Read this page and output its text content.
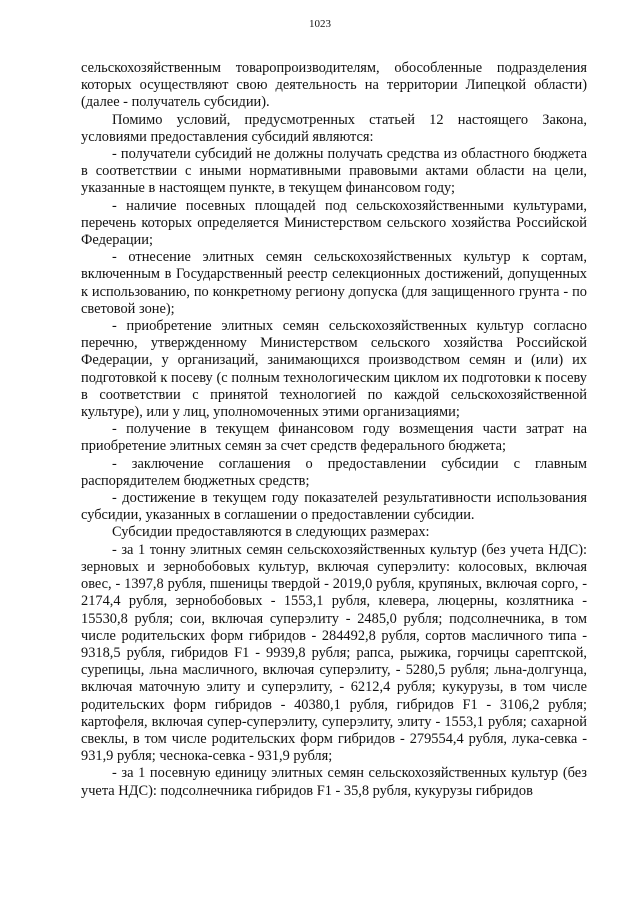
1023

сельскохозяйственным товаропроизводителям, обособленные подразделения которых осуществляют свою деятельность на территории Липецкой области) (далее - получатель субсидии).

Помимо условий, предусмотренных статьей 12 настоящего Закона, условиями предоставления субсидий являются:

- получатели субсидий не должны получать средства из областного бюджета в соответствии с иными нормативными правовыми актами области на цели, указанные в настоящем пункте, в текущем финансовом году;

- наличие посевных площадей под сельскохозяйственными культурами, перечень которых определяется Министерством сельского хозяйства Российской Федерации;

- отнесение элитных семян сельскохозяйственных культур к сортам, включенным в Государственный реестр селекционных достижений, допущенных к использованию, по конкретному региону допуска (для защищенного грунта - по световой зоне);

- приобретение элитных семян сельскохозяйственных культур согласно перечню, утвержденному Министерством сельского хозяйства Российской Федерации, у организаций, занимающихся производством семян и (или) их подготовкой к посеву (с полным технологическим циклом их подготовки к посеву в соответствии с принятой технологией по каждой сельскохозяйственной культуре), или у лиц, уполномоченных этими организациями;

- получение в текущем финансовом году возмещения части затрат на приобретение элитных семян за счет средств федерального бюджета;

- заключение соглашения о предоставлении субсидии с главным распорядителем бюджетных средств;

- достижение в текущем году показателей результативности использования субсидии, указанных в соглашении о предоставлении субсидии.

Субсидии предоставляются в следующих размерах:

- за 1 тонну элитных семян сельскохозяйственных культур (без учета НДС): зерновых и зернобобовых культур, включая суперэлиту: колосовых, включая овес, - 1397,8 рубля, пшеницы твердой - 2019,0 рубля, крупяных, включая сорго, - 2174,4 рубля, зернобобовых - 1553,1 рубля, клевера, люцерны, козлятника - 15530,8 рубля; сои, включая суперэлиту - 2485,0 рубля; подсолнечника, в том числе родительских форм гибридов - 284492,8 рубля, сортов масличного типа - 9318,5 рубля, гибридов F1 - 9939,8 рубля; рапса, рыжика, горчицы сарептской, сурепицы, льна масличного, включая суперэлиту, - 5280,5 рубля; льна-долгунца, включая маточную элиту и суперэлиту, - 6212,4 рубля; кукурузы, в том числе родительских форм гибридов - 40380,1 рубля, гибридов F1 - 3106,2 рубля; картофеля, включая супер-суперэлиту, суперэлиту, элиту - 1553,1 рубля; сахарной свеклы, в том числе родительских форм гибридов - 279554,4 рубля, лука-севка - 931,9 рубля; чеснока-севка - 931,9 рубля;

- за 1 посевную единицу элитных семян сельскохозяйственных культур (без учета НДС): подсолнечника гибридов F1 - 35,8 рубля, кукурузы гибридов
